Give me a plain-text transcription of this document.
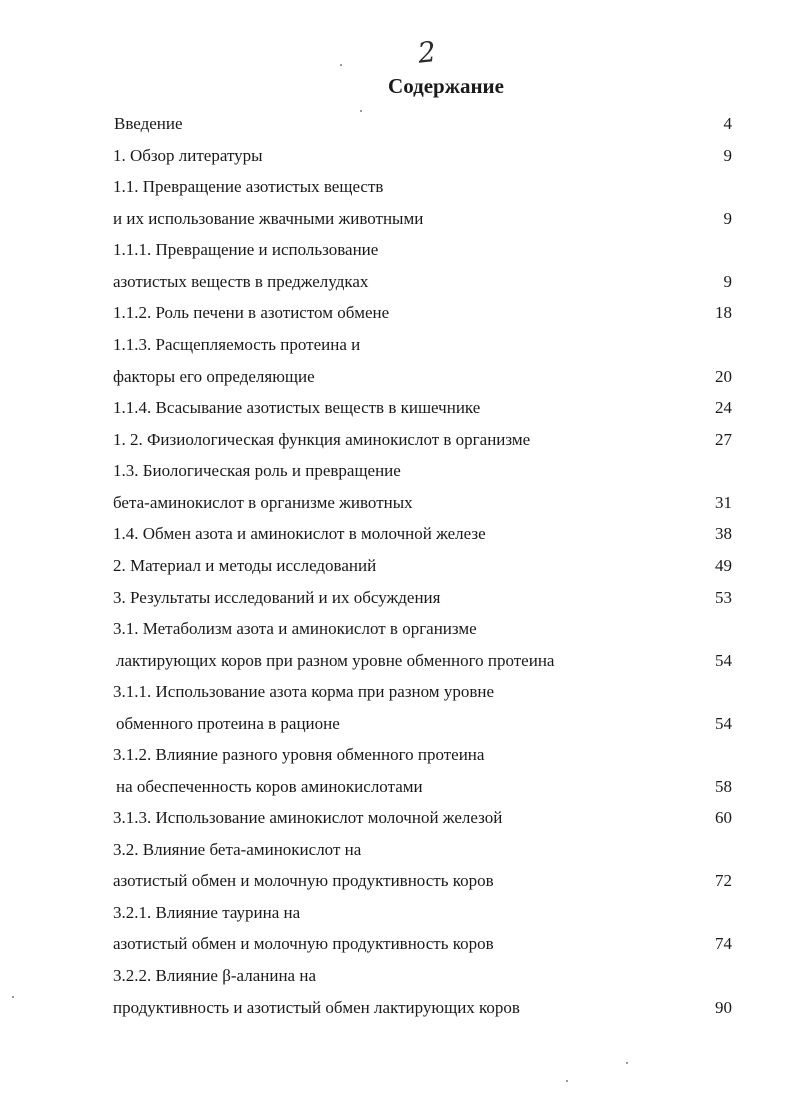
2
Содержание
Введение	4
1. Обзор литературы	9
1.1. Превращение азотистых веществ
и их использование жвачными животными	9
1.1.1. Превращение и использование
азотистых веществ в преджелудках	9
1.1.2. Роль печени в азотистом обмене	18
1.1.3. Расщепляемость протеина и
факторы его определяющие	20
1.1.4. Всасывание азотистых веществ в кишечнике	24
1. 2. Физиологическая функция аминокислот в организме	27
1.3. Биологическая роль и превращение
бета-аминокислот в организме животных	31
1.4. Обмен азота и аминокислот в молочной железе	38
2. Материал и методы исследований	49
3. Результаты исследований и их обсуждения	53
3.1. Метаболизм азота и аминокислот в организме
лактирующих коров при разном уровне обменного протеина	54
3.1.1. Использование азота корма при разном уровне
обменного протеина в рационе	54
3.1.2. Влияние разного уровня обменного протеина
на обеспеченность коров аминокислотами	58
3.1.3. Использование аминокислот молочной железой	60
3.2. Влияние бета-аминокислот на
азотистый обмен и молочную продуктивность коров	72
3.2.1. Влияние таурина на
азотистый обмен и молочную продуктивность коров	74
3.2.2. Влияние β-аланина на
продуктивность и азотистый обмен лактирующих коров	90
